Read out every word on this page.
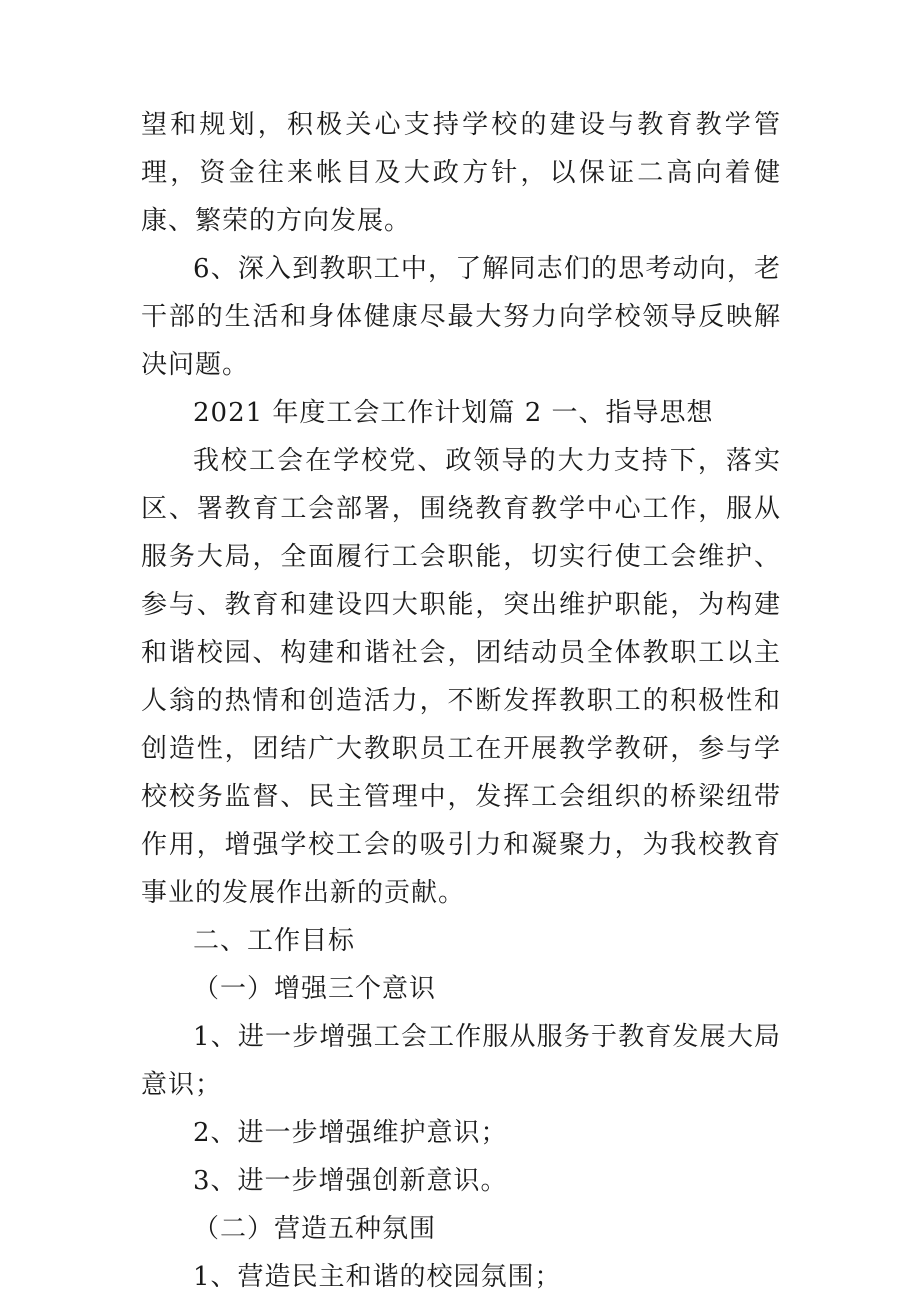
望和规划，积极关心支持学校的建设与教育教学管理，资金往来帐目及大政方针，以保证二高向着健康、繁荣的方向发展。

6、深入到教职工中，了解同志们的思考动向，老干部的生活和身体健康尽最大努力向学校领导反映解决问题。

2021 年度工会工作计划篇 2 一、指导思想

我校工会在学校党、政领导的大力支持下，落实区、署教育工会部署，围绕教育教学中心工作，服从服务大局，全面履行工会职能，切实行使工会维护、参与、教育和建设四大职能，突出维护职能，为构建和谐校园、构建和谐社会，团结动员全体教职工以主人翁的热情和创造活力，不断发挥教职工的积极性和创造性，团结广大教职员工在开展教学教研，参与学校校务监督、民主管理中，发挥工会组织的桥梁纽带作用，增强学校工会的吸引力和凝聚力，为我校教育事业的发展作出新的贡献。

二、工作目标

（一）增强三个意识

1、进一步增强工会工作服从服务于教育发展大局意识；

2、进一步增强维护意识；

3、进一步增强创新意识。

（二）营造五种氛围

1、营造民主和谐的校园氛围；
